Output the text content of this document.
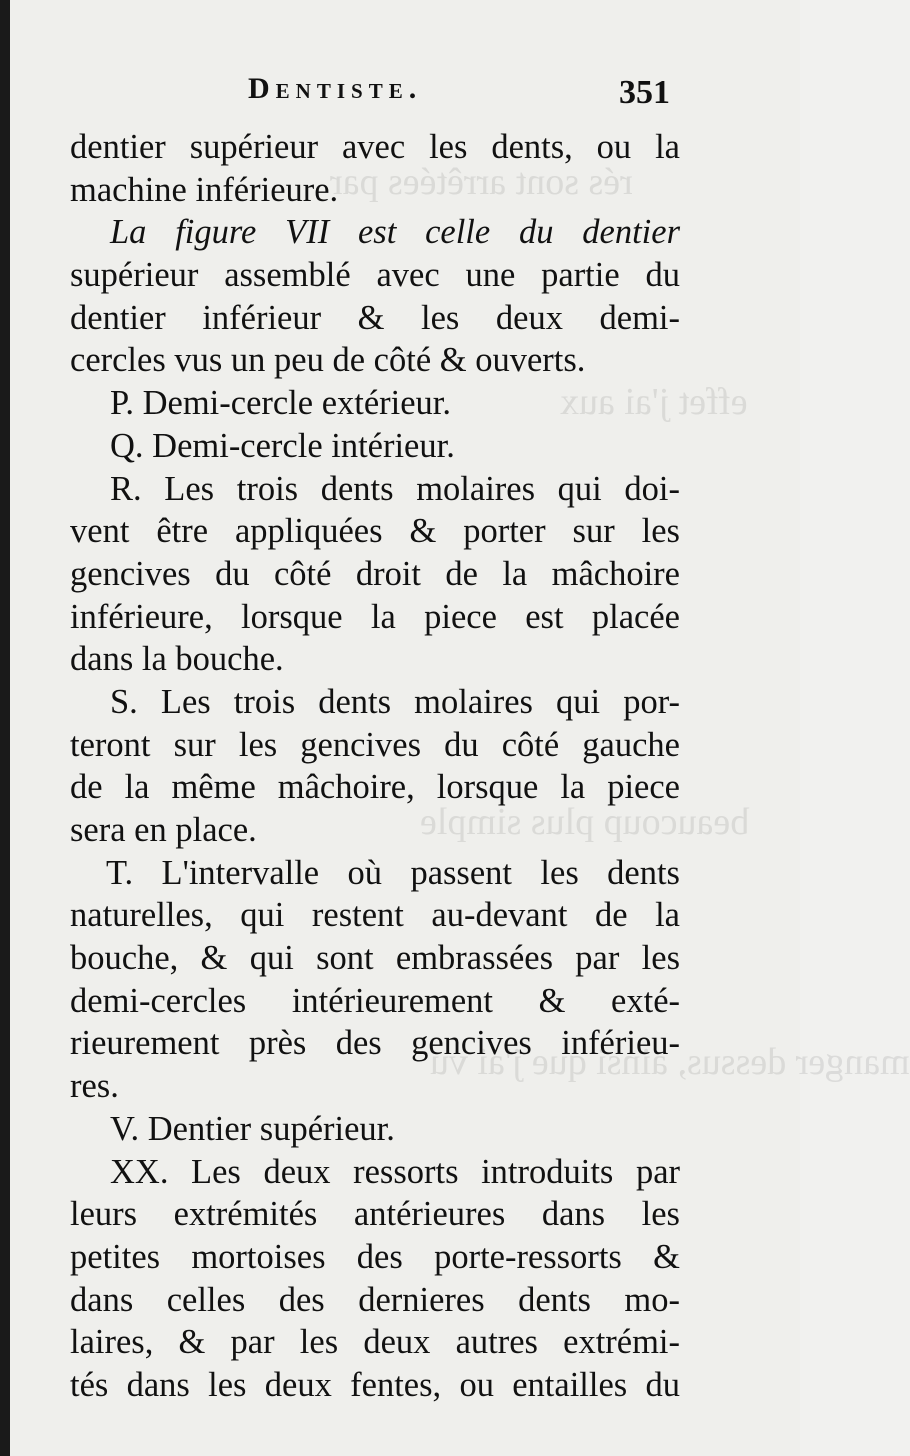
rés sont arrêtées par
effet j'ai aux
beaucoup plus simple
manger dessus, ainsi que j'ai vu
Dentiste.	351
dentier supérieur avec les dents, ou la
machine inférieure.
La figure VII est celle du dentier
supérieur assemblé avec une partie du
dentier inférieur & les deux demi-
cercles vus un peu de côté & ouverts.
P. Demi-cercle extérieur.
Q. Demi-cercle intérieur.
R. Les trois dents molaires qui doi-
vent être appliquées & porter sur les
gencives du côté droit de la mâchoire
inférieure, lorsque la piece est placée
dans la bouche.
S. Les trois dents molaires qui por-
teront sur les gencives du côté gauche
de la même mâchoire, lorsque la piece
sera en place.
T. L'intervalle où passent les dents
naturelles, qui restent au-devant de la
bouche, & qui sont embrassées par les
demi-cercles intérieurement & exté-
rieurement près des gencives inférieu-
res.
V. Dentier supérieur.
XX. Les deux ressorts introduits par
leurs extrémités antérieures dans les
petites mortoises des porte-ressorts &
dans celles des dernieres dents mo-
laires, & par les deux autres extrémi-
tés dans les deux fentes, ou entailles du
